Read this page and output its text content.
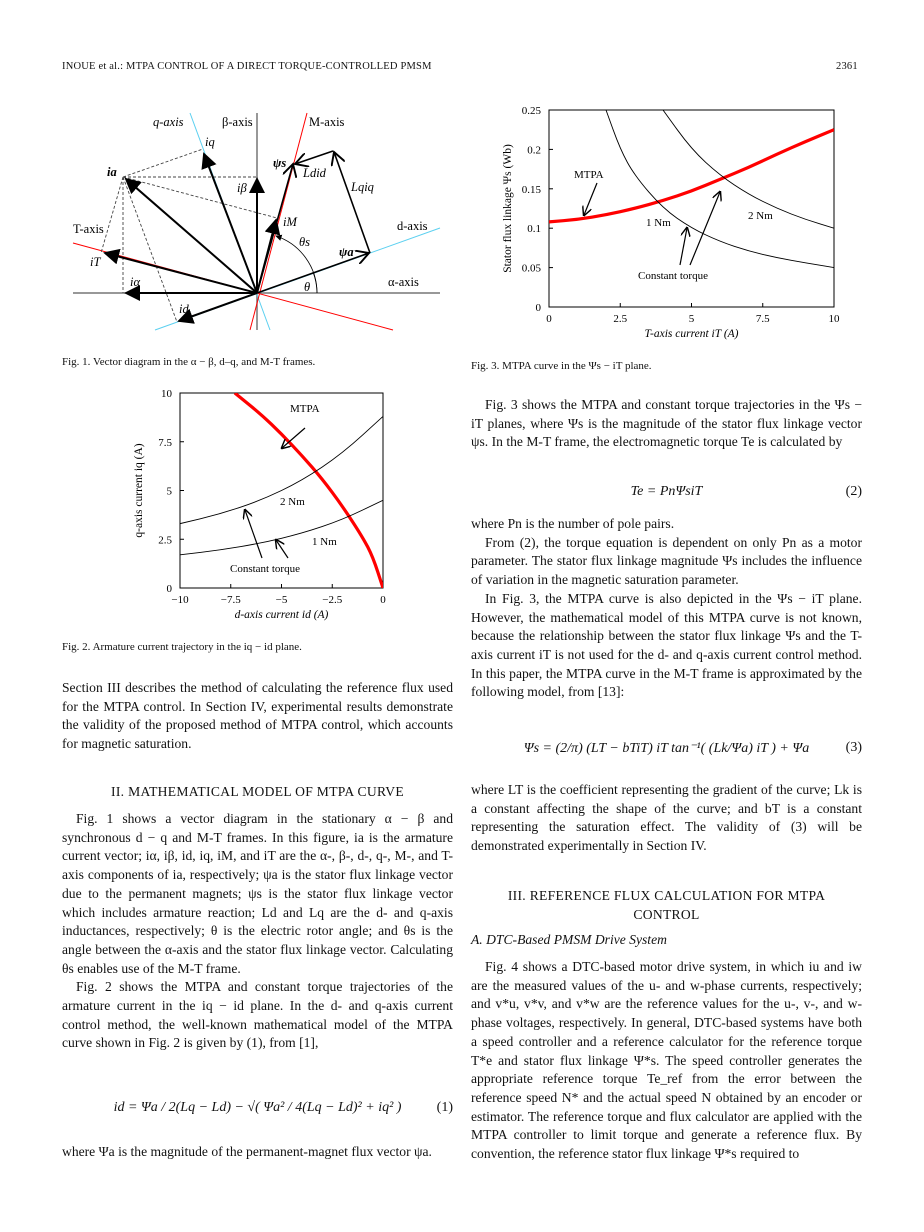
INOUE et al.: MTPA CONTROL OF A DIRECT TORQUE-CONTROLLED PMSM	2361
q-axis	β-axis	M-axis
d-axis
T-axis
α-axis
ia
iq
iβ
iM
iT
iα
id
ψs
ψa
Ldid
Lqiq
θs
θ
Fig. 1. Vector diagram in the α − β, d–q, and M-T frames.
−10	−7.5	−5	−2.5	0
0
2.5
5
7.5
10
d-axis current id (A)
q-axis current iq (A)
MTPA
2 Nm
1 Nm
Constant torque
Fig. 2. Armature current trajectory in the iq − id plane.
0	2.5	5	7.5	10
0
0.05
0.1
0.15
0.2
0.25
T-axis current iT (A)
Stator flux linkage Ψs (Wb)	MTPA
1 Nm
2 Nm
Constant torque
Fig. 3. MTPA curve in the Ψs − iT plane.

Section III describes the method of calculating the reference flux used for the MTPA control. In Section IV, experimental results demonstrate the validity of the proposed method of MTPA control, which accounts for magnetic saturation.

II. MATHEMATICAL MODEL OF MTPA CURVE

Fig. 1 shows a vector diagram in the stationary α − β and synchronous d − q and M-T frames. In this figure, ia is the armature current vector; iα, iβ, id, iq, iM, and iT are the α-, β-, d-, q-, M-, and T-axis components of ia, respectively; ψa is the stator flux linkage vector due to the permanent magnets; ψs is the stator flux linkage vector which includes armature reaction; Ld and Lq are the d- and q-axis inductances, respectively; θ is the electric rotor angle; and θs is the angle between the α-axis and the stator flux linkage vector. Calculating θs enables use of the M-T frame.

Fig. 2 shows the MTPA and constant torque trajectories of the armature current in the iq − id plane. In the d- and q-axis current control method, the well-known mathematical model of the MTPA curve shown in Fig. 2 is given by (1), from [1],

id = Ψa / 2(Lq − Ld) − √( Ψa² / 4(Lq − Ld)² + iq² )	(1)

where Ψa is the magnitude of the permanent-magnet flux vector ψa.

Fig. 3 shows the MTPA and constant torque trajectories in the Ψs − iT planes, where Ψs is the magnitude of the stator flux linkage vector ψs. In the M-T frame, the electromagnetic torque Te is calculated by

Te = PnΨsiT	(2)

where Pn is the number of pole pairs.

From (2), the torque equation is dependent on only Pn as a motor parameter. The stator flux linkage magnitude Ψs includes the influence of variation in the magnetic saturation parameter.

In Fig. 3, the MTPA curve is also depicted in the Ψs − iT plane. However, the mathematical model of this MTPA curve is not known, because the relationship between the stator flux linkage Ψs and the T-axis current iT is not used for the d- and q-axis current control method. In this paper, the MTPA curve in the M-T frame is approximated by the following model, from [13]:

Ψs = (2/π) (LT − bTiT) iT tan⁻¹( (Lk/Ψa) iT ) + Ψa	(3)

where LT is the coefficient representing the gradient of the curve; Lk is a constant affecting the shape of the curve; and bT is a constant representing the saturation effect. The validity of (3) will be demonstrated experimentally in Section IV.

III. REFERENCE FLUX CALCULATION FOR MTPA
CONTROL
A. DTC-Based PMSM Drive System

Fig. 4 shows a DTC-based motor drive system, in which iu and iw are the measured values of the u- and w-phase currents, respectively; and v*u, v*v, and v*w are the reference values for the u-, v-, and w-phase voltages, respectively. In general, DTC-based systems have both a speed controller and a reference calculator for the reference torque T*e and stator flux linkage Ψ*s. The speed controller generates the appropriate reference torque Te_ref from the error between the reference speed N* and the actual speed N obtained by an encoder or estimator. The reference torque and flux calculator are applied with the MTPA controller to limit torque and generate a reference flux. By convention, the reference stator flux linkage Ψ*s required to
